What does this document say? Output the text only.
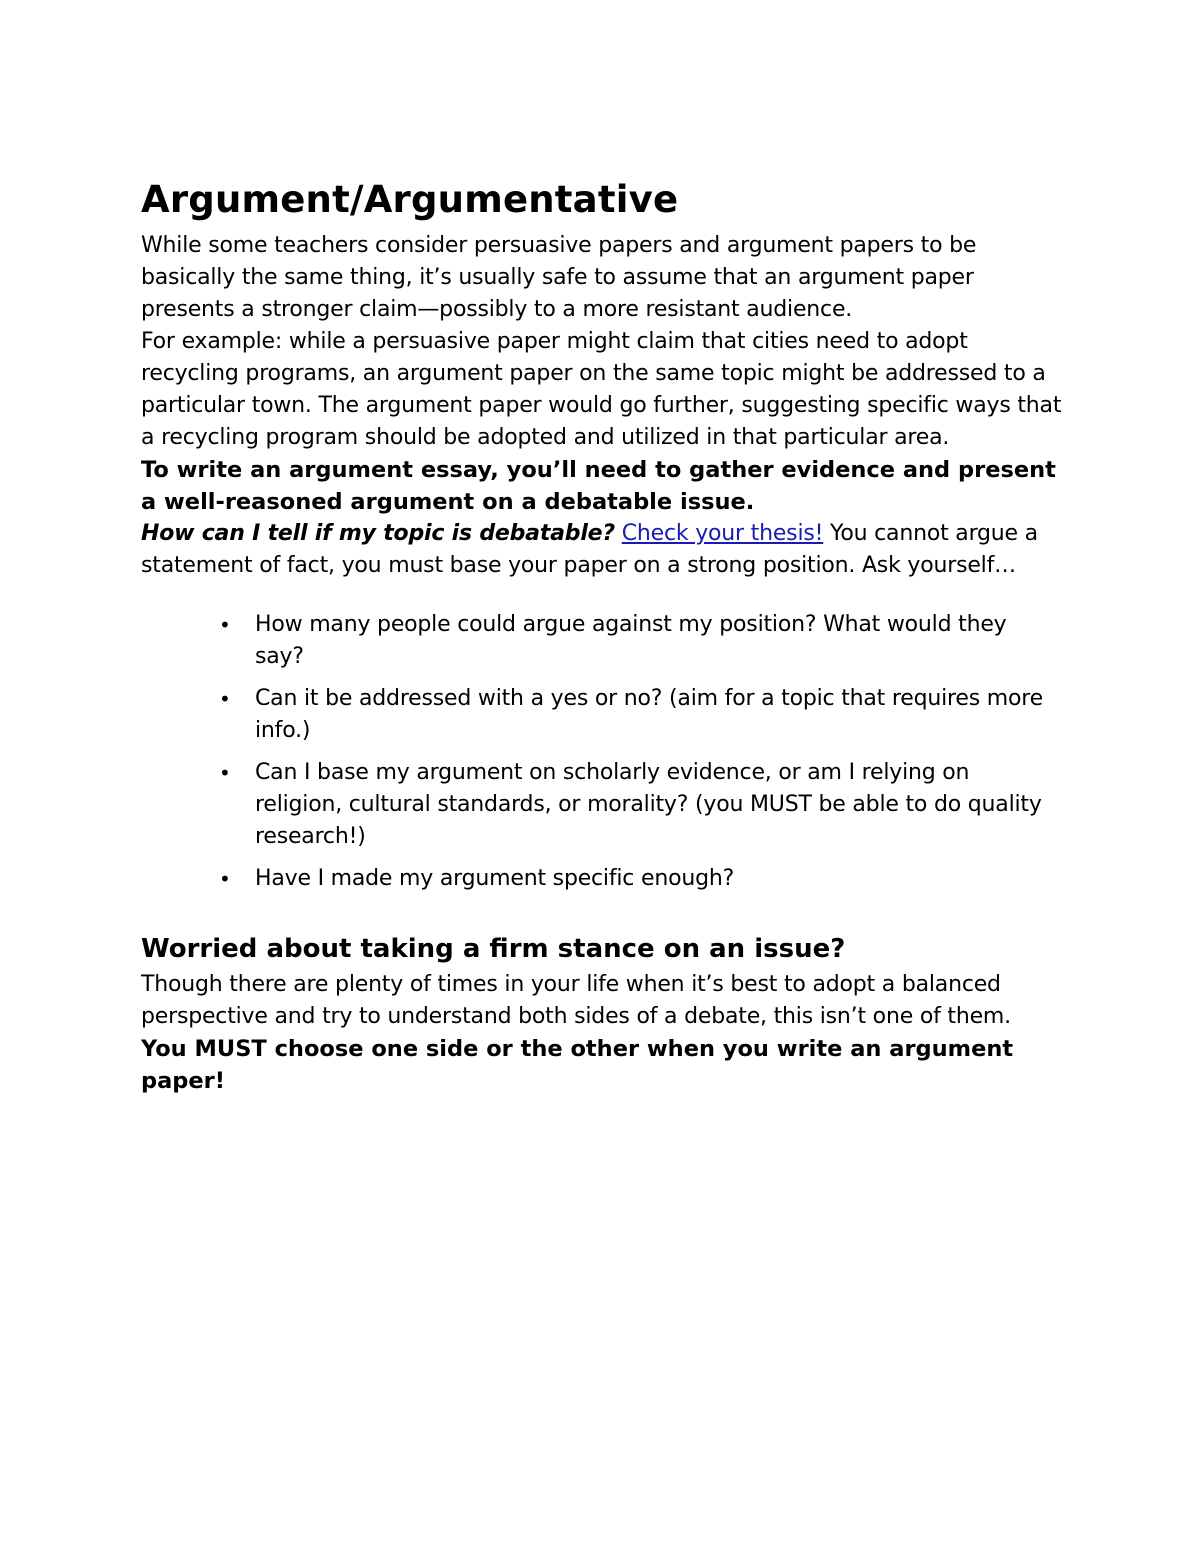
Argument/Argumentative

While some teachers consider persuasive papers and argument papers to be basically the same thing, it’s usually safe to assume that an argument paper presents a stronger claim—possibly to a more resistant audience.

For example: while a persuasive paper might claim that cities need to adopt recycling programs, an argument paper on the same topic might be addressed to a particular town. The argument paper would go further, suggesting specific ways that a recycling program should be adopted and utilized in that particular area.

To write an argument essay, you’ll need to gather evidence and present a well-reasoned argument on a debatable issue.

How can I tell if my topic is debatable? Check your thesis! You cannot argue a statement of fact, you must base your paper on a strong position. Ask yourself…

• How many people could argue against my position? What would they say?
• Can it be addressed with a yes or no? (aim for a topic that requires more info.)
• Can I base my argument on scholarly evidence, or am I relying on religion, cultural standards, or morality? (you MUST be able to do quality research!)
• Have I made my argument specific enough?
Worried about taking a firm stance on an issue?

Though there are plenty of times in your life when it’s best to adopt a balanced perspective and try to understand both sides of a debate, this isn’t one of them.

You MUST choose one side or the other when you write an argument paper!
